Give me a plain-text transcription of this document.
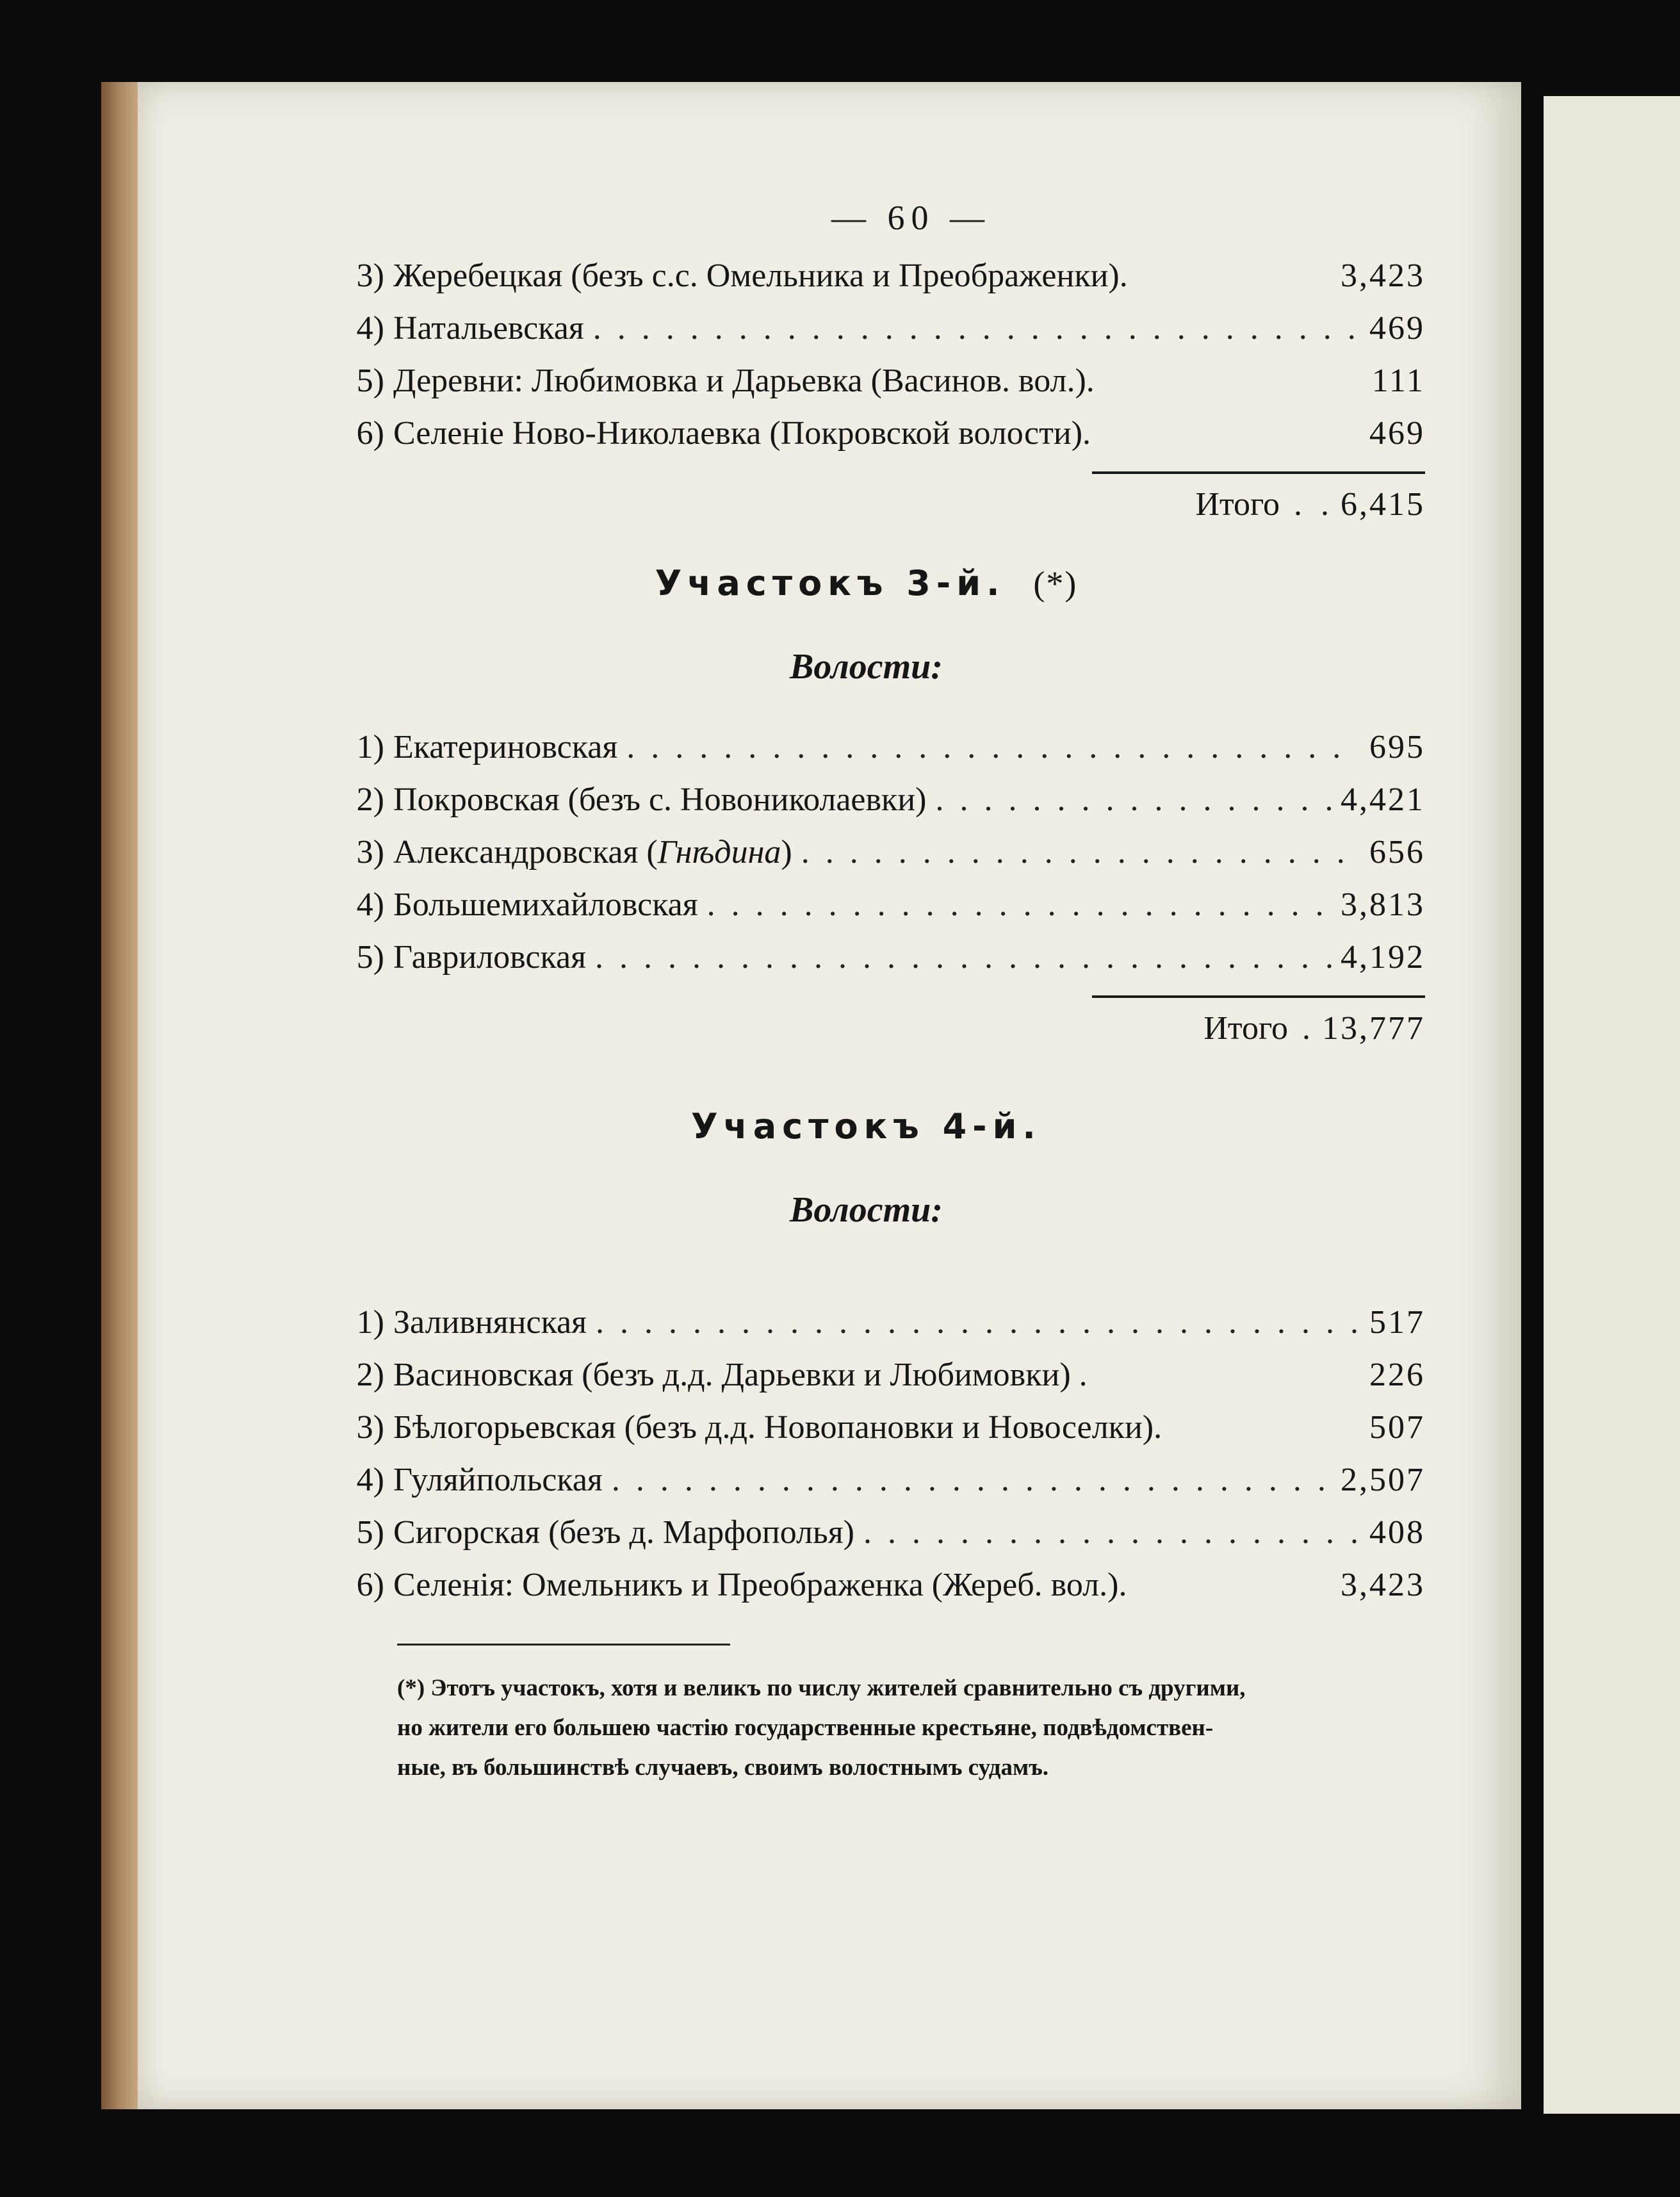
— 60 —
3) Жеребецкая (безъ с.с. Омельника и Преображенки).	3,423
4) Натальевская . . .	469
5) Деревни: Любимовка и Дарьевка (Васинов. вол.).	111
6) Селеніе Ново-Николаевка (Покровской волости).	469
Итого . . 6,415
Участокъ 3-й. (*)
Волости:
1) Екатериновская . . .	695
2) Покровская (безъ с. Новониколаевки) . . .	4,421
3) Александровская (Гнѣдина) . . .	656
4) Большемихайловская . . .	3,813
5) Гавриловская . . .	4,192
Итого . 13,777
Участокъ 4-й.
Волости:
1) Заливнянская . . .	517
2) Васиновская (безъ д.д. Дарьевки и Любимовки) .	226
3) Бѣлогорьевская (безъ д.д. Новопановки и Новоселки).	507
4) Гуляйпольская . . .	2,507
5) Сигорская (безъ д. Марфополья) . . .	408
6) Селенія: Омельникъ и Преображенка (Жереб. вол.).	3,423
(*) Этотъ участокъ, хотя и великъ по числу жителей сравнительно съ другими,
но жители его большею частію государственные крестьяне, подвѣдомствен-
ные, въ большинствѣ случаевъ, своимъ волостнымъ судамъ.
